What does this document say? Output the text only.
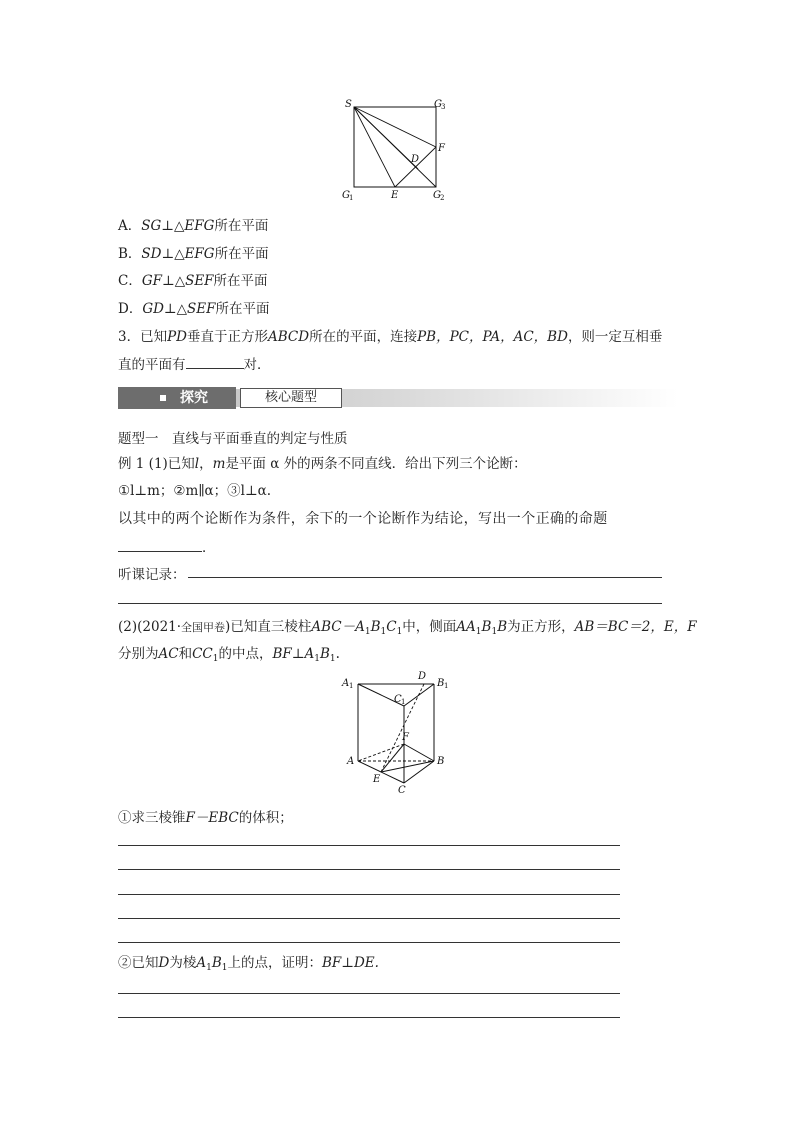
S	G 3
F
D
G 1	E	G 2
A．SG⊥△EFG所在平面
B．SD⊥△EFG所在平面
C．GF⊥△SEF所在平面
D．GD⊥△SEF所在平面
3．已知PD垂直于正方形ABCD所在的平面，连接PB，PC，PA，AC，BD，则一定互相垂
直的平面有	对．
探究	核心题型
题型一　直线与平面垂直的判定与性质
例 1 (1)已知l，m是平面 α 外的两条不同直线．给出下列三个论断：
①l⊥m；②m∥α；③l⊥α.
以其中的两个论断作为条件，余下的一个论断作为结论，写出一个正确的命题
．
听课记录：
(2)(2021·全国甲卷)已知直三棱柱$ABC-A_1B_1C_1$中，侧面$AA_1B_1B$为正方形，AB＝BC＝2，E，F
分别为AC和$CC_1$的中点，$BF\perp A_1B_1$.
A 1
D
B 1
C 1
F
A	B
E
C
①求三棱锥F－EBC的体积；
②已知D为棱$A_1B_1$上的点，证明：BF⊥DE.
